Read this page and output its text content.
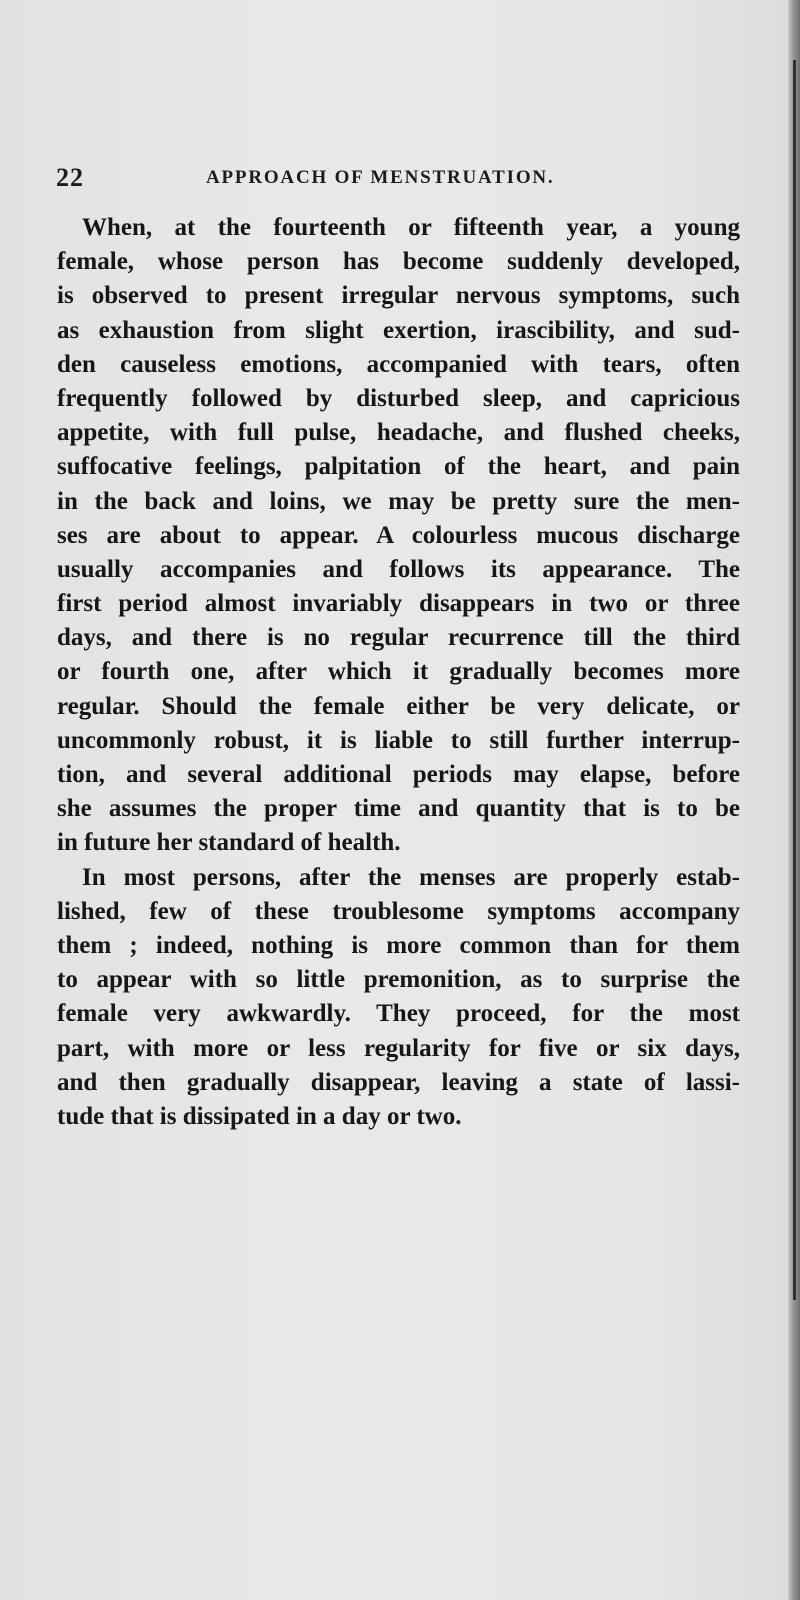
22	APPROACH OF MENSTRUATION.
When, at the fourteenth or fifteenth year, a young
female, whose person has become suddenly developed,
is observed to present irregular nervous symptoms, such
as exhaustion from slight exertion, irascibility, and sud-
den causeless emotions, accompanied with tears, often
frequently followed by disturbed sleep, and capricious
appetite, with full pulse, headache, and flushed cheeks,
suffocative feelings, palpitation of the heart, and pain
in the back and loins, we may be pretty sure the men-
ses are about to appear. A colourless mucous discharge
usually accompanies and follows its appearance. The
first period almost invariably disappears in two or three
days, and there is no regular recurrence till the third
or fourth one, after which it gradually becomes more
regular. Should the female either be very delicate, or
uncommonly robust, it is liable to still further interrup-
tion, and several additional periods may elapse, before
she assumes the proper time and quantity that is to be
in future her standard of health.
In most persons, after the menses are properly estab-
lished, few of these troublesome symptoms accompany
them ; indeed, nothing is more common than for them
to appear with so little premonition, as to surprise the
female very awkwardly. They proceed, for the most
part, with more or less regularity for five or six days,
and then gradually disappear, leaving a state of lassi-
tude that is dissipated in a day or two.
